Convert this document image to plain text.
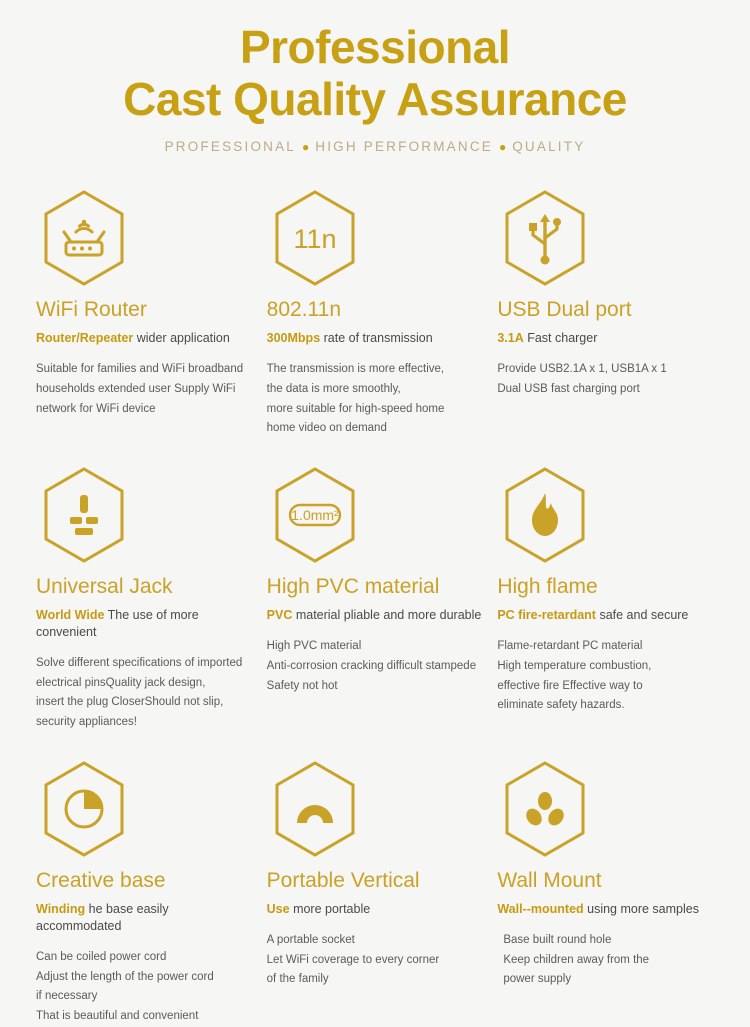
Professional
Cast Quality Assurance
PROFESSIONAL ● HIGH PERFORMANCE ● QUALITY
WiFi Router
Router/Repeater wider application
Suitable for families and WiFi broadband
households extended user Supply WiFi
network for WiFi device
11n
802.11n
300Mbps rate of transmission
The transmission is more effective,
the data is more smoothly,
more suitable for high-speed home
home video on demand
USB Dual port
3.1A Fast charger
Provide USB2.1A x 1, USB1A x 1
Dual USB fast charging port
Universal Jack
World Wide The use of more convenient
Solve different specifications of imported
electrical pinsQuality jack design,
insert the plug CloserShould not slip,
security appliances!
1.0mm²
High PVC material
PVC material pliable and more durable
High PVC material
Anti-corrosion cracking difficult stampede
Safety not hot
High flame
PC fire-retardant safe and secure
Flame-retardant PC material
High temperature combustion,
effective fire Effective way to
eliminate safety hazards.
Creative base
Winding he base easily accommodated
Can be coiled power cord
Adjust the length of the power cord
if necessary
That is beautiful and convenient
Portable Vertical
Use more portable
A portable socket
Let WiFi coverage to every corner
of the family
Wall Mount
Wall--mounted using more samples
Base built round hole
Keep children away from the
power supply
